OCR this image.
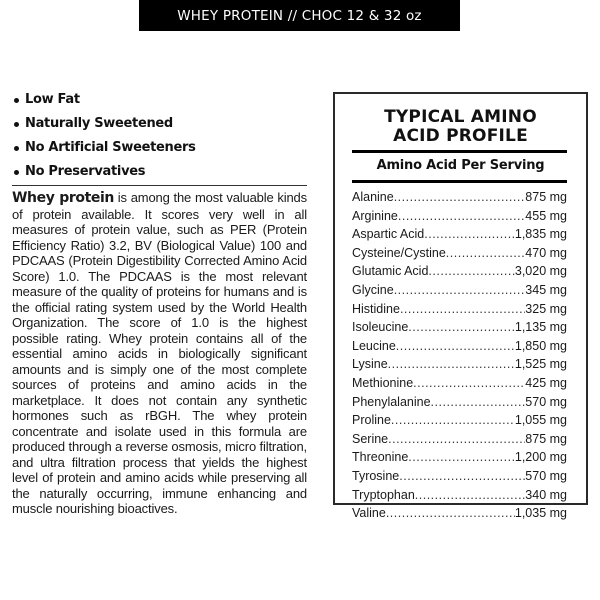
WHEY PROTEIN // CHOC 12 & 32 oz
Low Fat
Naturally Sweetened
No Artificial Sweeteners
No Preservatives

Whey protein is among the most valuable kinds of protein available. It scores very well in all measures of protein value, such as PER (Protein Efficiency Ratio) 3.2, BV (Biological Value) 100 and PDCAAS (Protein Digestibility Corrected Amino Acid Score) 1.0. The PDCAAS is the most relevant measure of the quality of proteins for humans and is the official rating system used by the World Health Organization. The score of 1.0 is the highest possible rating. Whey protein contains all of the essential amino acids in biologically significant amounts and is simply one of the most complete sources of proteins and amino acids in the marketplace. It does not contain any synthetic hormones such as rBGH. The whey protein concentrate and isolate used in this formula are produced through a reverse osmosis, micro filtration, and ultra filtration process that yields the highest level of protein and amino acids while preserving all the naturally occurring, immune enhancing and muscle nourishing bioactives.

TYPICAL AMINO
ACID PROFILE
Amino Acid Per Serving
Alanine .....	875 mg
Arginine .....	455 mg
Aspartic Acid .....	1,835 mg
Cysteine/Cystine .....	470 mg
Glutamic Acid .....	3,020 mg
Glycine .....	345 mg
Histidine .....	325 mg
Isoleucine .....	1,135 mg
Leucine .....	1,850 mg
Lysine .....	1,525 mg
Methionine .....	425 mg
Phenylalanine .....	570 mg
Proline .....	1,055 mg
Serine .....	875 mg
Threonine .....	1,200 mg
Tyrosine .....	570 mg
Tryptophan .....	340 mg
Valine .....	1,035 mg
